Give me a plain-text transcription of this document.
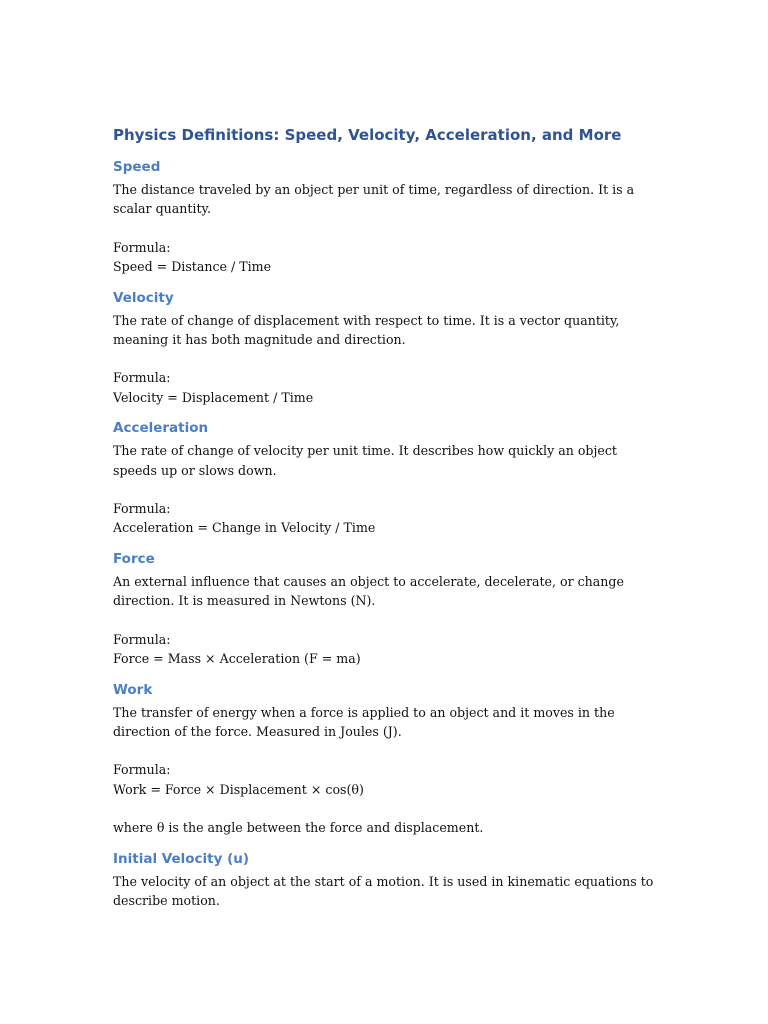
Physics Definitions: Speed, Velocity, Acceleration, and More
Speed

The distance traveled by an object per unit of time, regardless of direction. It is a scalar quantity.

Formula:

Speed = Distance / Time

Velocity

The rate of change of displacement with respect to time. It is a vector quantity, meaning it has both magnitude and direction.

Formula:

Velocity = Displacement / Time

Acceleration

The rate of change of velocity per unit time. It describes how quickly an object speeds up or slows down.

Formula:

Acceleration = Change in Velocity / Time

Force

An external influence that causes an object to accelerate, decelerate, or change direction. It is measured in Newtons (N).

Formula:

Force = Mass × Acceleration (F = ma)

Work

The transfer of energy when a force is applied to an object and it moves in the direction of the force. Measured in Joules (J).

Formula:

Work = Force × Displacement × cos(θ)

where θ is the angle between the force and displacement.

Initial Velocity (u)

The velocity of an object at the start of a motion. It is used in kinematic equations to describe motion.
